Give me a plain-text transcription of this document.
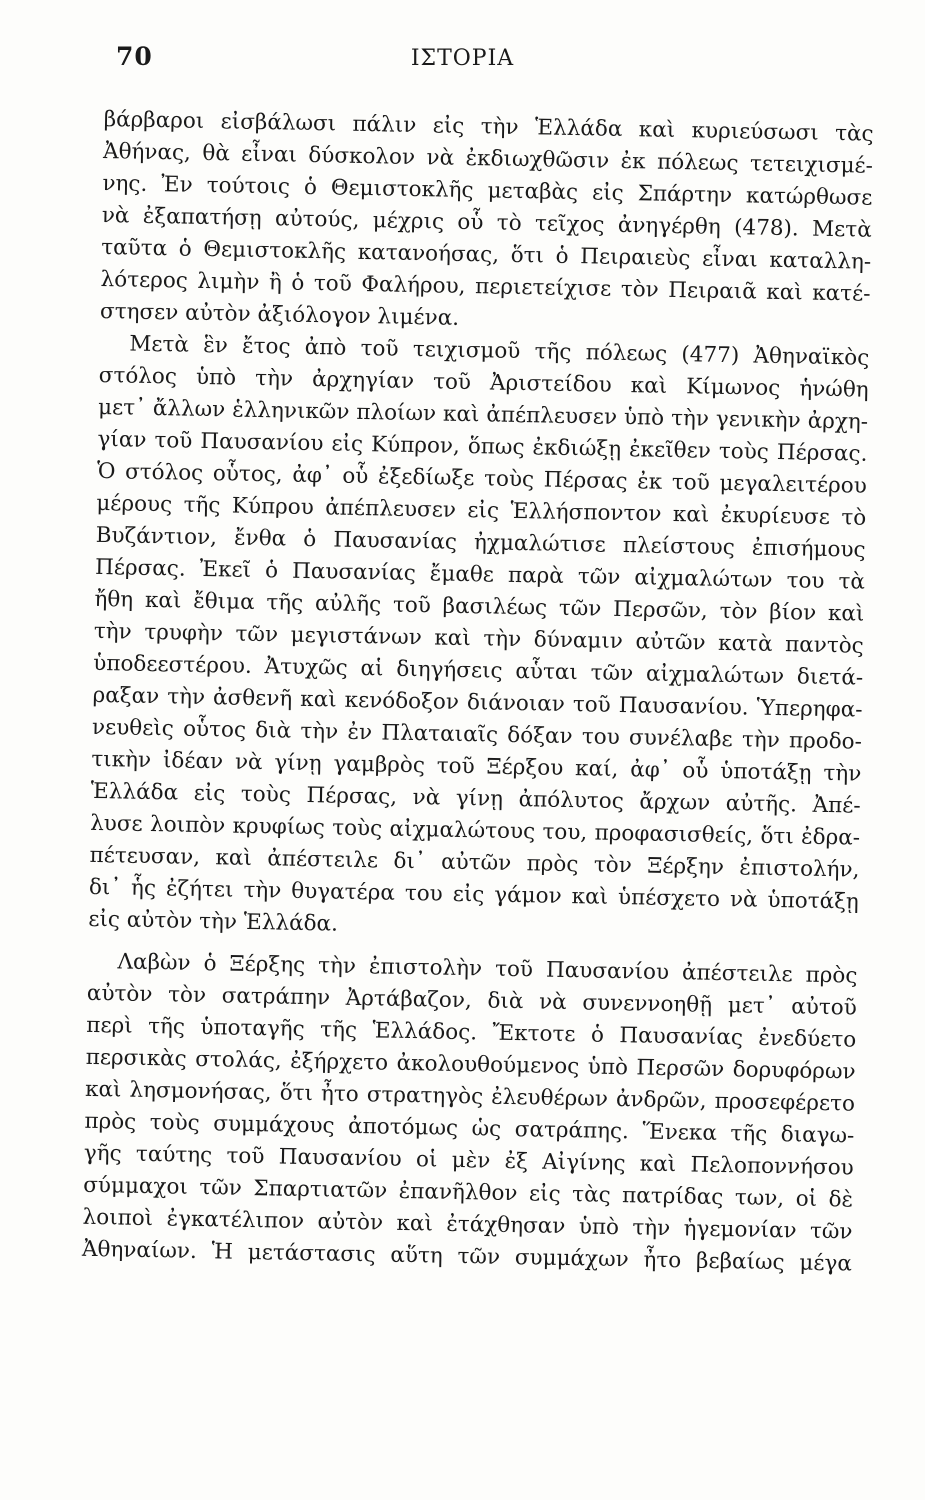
70	ΙΣΤΟΡΙΑ
βάρβαροι εἰσβάλωσι πάλιν εἰς τὴν Ἑλλάδα καὶ κυριεύσωσι τὰς
Ἀθήνας, θὰ εἶναι δύσκολον νὰ ἐκδιωχθῶσιν ἐκ πόλεως τετειχισμέ-
νης. Ἐν τούτοις ὁ Θεμιστοκλῆς μεταβὰς εἰς Σπάρτην κατώρθωσε
νὰ ἐξαπατήσῃ αὐτούς, μέχρις οὗ τὸ τεῖχος ἀνηγέρθη (478). Μετὰ
ταῦτα ὁ Θεμιστοκλῆς κατανοήσας, ὅτι ὁ Πειραιεὺς εἶναι καταλλη-
λότερος λιμὴν ἢ ὁ τοῦ Φαλήρου, περιετείχισε τὸν Πειραιᾶ καὶ κατέ-
στησεν αὐτὸν ἀξιόλογον λιμένα.
Μετὰ ἓν ἔτος ἀπὸ τοῦ τειχισμοῦ τῆς πόλεως (477) Ἀθηναϊκὸς
στόλος ὑπὸ τὴν ἀρχηγίαν τοῦ Ἀριστείδου καὶ Κίμωνος ἡνώθη
μετ᾽ ἄλλων ἑλληνικῶν πλοίων καὶ ἀπέπλευσεν ὑπὸ τὴν γενικὴν ἀρχη-
γίαν τοῦ Παυσανίου εἰς Κύπρον, ὅπως ἐκδιώξῃ ἐκεῖθεν τοὺς Πέρσας.
Ὁ στόλος οὗτος, ἀφ᾽ οὗ ἐξεδίωξε τοὺς Πέρσας ἐκ τοῦ μεγαλειτέρου
μέρους τῆς Κύπρου ἀπέπλευσεν εἰς Ἑλλήσποντον καὶ ἐκυρίευσε τὸ
Βυζάντιον, ἔνθα ὁ Παυσανίας ἠχμαλώτισε πλείστους ἐπισήμους
Πέρσας. Ἐκεῖ ὁ Παυσανίας ἔμαθε παρὰ τῶν αἰχμαλώτων του τὰ
ἤθη καὶ ἔθιμα τῆς αὐλῆς τοῦ βασιλέως τῶν Περσῶν, τὸν βίον καὶ
τὴν τρυφὴν τῶν μεγιστάνων καὶ τὴν δύναμιν αὐτῶν κατὰ παντὸς
ὑποδεεστέρου. Ἀτυχῶς αἱ διηγήσεις αὗται τῶν αἰχμαλώτων διετά-
ραξαν τὴν ἀσθενῆ καὶ κενόδοξον διάνοιαν τοῦ Παυσανίου. Ὑπερηφα-
νευθεὶς οὗτος διὰ τὴν ἐν Πλαταιαῖς δόξαν του συνέλαβε τὴν προδο-
τικὴν ἰδέαν νὰ γίνῃ γαμβρὸς τοῦ Ξέρξου καί, ἀφ᾽ οὗ ὑποτάξῃ τὴν
Ἑλλάδα εἰς τοὺς Πέρσας, νὰ γίνῃ ἀπόλυτος ἄρχων αὐτῆς. Ἀπέ-
λυσε λοιπὸν κρυφίως τοὺς αἰχμαλώτους του, προφασισθείς, ὅτι ἐδρα-
πέτευσαν, καὶ ἀπέστειλε δι᾽ αὐτῶν πρὸς τὸν Ξέρξην ἐπιστολήν,
δι᾽ ἧς ἐζήτει τὴν θυγατέρα του εἰς γάμον καὶ ὑπέσχετο νὰ ὑποτάξῃ
εἰς αὐτὸν τὴν Ἑλλάδα.
Λαβὼν ὁ Ξέρξης τὴν ἐπιστολὴν τοῦ Παυσανίου ἀπέστειλε πρὸς
αὐτὸν τὸν σατράπην Ἀρτάβαζον, διὰ νὰ συνεννοηθῇ μετ᾽ αὐτοῦ
περὶ τῆς ὑποταγῆς τῆς Ἑλλάδος. Ἔκτοτε ὁ Παυσανίας ἐνεδύετο
περσικὰς στολάς, ἐξήρχετο ἀκολουθούμενος ὑπὸ Περσῶν δορυφόρων
καὶ λησμονήσας, ὅτι ἦτο στρατηγὸς ἐλευθέρων ἀνδρῶν, προσεφέρετο
πρὸς τοὺς συμμάχους ἀποτόμως ὡς σατράπης. Ἕνεκα τῆς διαγω-
γῆς ταύτης τοῦ Παυσανίου οἱ μὲν ἐξ Αἰγίνης καὶ Πελοποννήσου
σύμμαχοι τῶν Σπαρτιατῶν ἐπανῆλθον εἰς τὰς πατρίδας των, οἱ δὲ
λοιποὶ ἐγκατέλιπον αὐτὸν καὶ ἐτάχθησαν ὑπὸ τὴν ἡγεμονίαν τῶν
Ἀθηναίων. Ἡ μετάστασις αὕτη τῶν συμμάχων ἦτο βεβαίως μέγα
